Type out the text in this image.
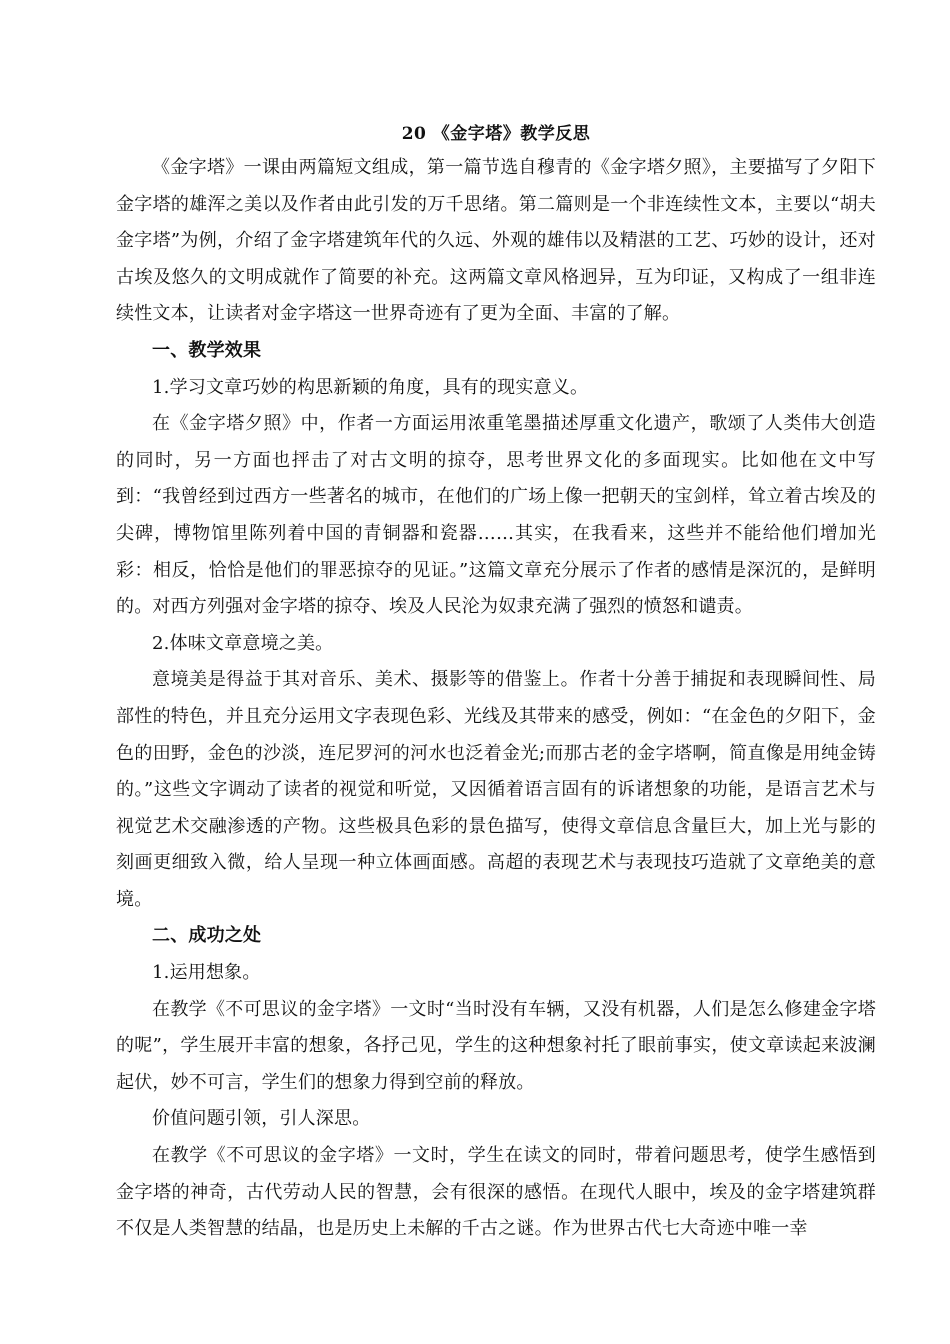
20 《金字塔》教学反思

《金字塔》一课由两篇短文组成，第一篇节选自穆青的《金字塔夕照》，主要描写了夕阳下金字塔的雄浑之美以及作者由此引发的万千思绪。第二篇则是一个非连续性文本，主要以“胡夫金字塔”为例，介绍了金字塔建筑年代的久远、外观的雄伟以及精湛的工艺、巧妙的设计，还对古埃及悠久的文明成就作了简要的补充。这两篇文章风格迥异，互为印证，又构成了一组非连续性文本，让读者对金字塔这一世界奇迹有了更为全面、丰富的了解。

一、教学效果

1.学习文章巧妙的构思新颖的角度，具有的现实意义。

在《金字塔夕照》中，作者一方面运用浓重笔墨描述厚重文化遗产，歌颂了人类伟大创造的同时，另一方面也抨击了对古文明的掠夺，思考世界文化的多面现实。比如他在文中写到：“我曾经到过西方一些著名的城市，在他们的广场上像一把朝天的宝剑样，耸立着古埃及的尖碑，博物馆里陈列着中国的青铜器和瓷器……其实，在我看来，这些并不能给他们增加光彩：相反，恰恰是他们的罪恶掠夺的见证。”这篇文章充分展示了作者的感情是深沉的，是鲜明的。对西方列强对金字塔的掠夺、埃及人民沦为奴隶充满了强烈的愤怒和谴责。

2.体味文章意境之美。

意境美是得益于其对音乐、美术、摄影等的借鉴上。作者十分善于捕捉和表现瞬间性、局部性的特色，并且充分运用文字表现色彩、光线及其带来的感受，例如：“在金色的夕阳下，金色的田野，金色的沙淡，连尼罗河的河水也泛着金光;而那古老的金字塔啊，简直像是用纯金铸的。”这些文字调动了读者的视觉和听觉，又因循着语言固有的诉诸想象的功能，是语言艺术与视觉艺术交融渗透的产物。这些极具色彩的景色描写，使得文章信息含量巨大，加上光与影的刻画更细致入微，给人呈现一种立体画面感。高超的表现艺术与表现技巧造就了文章绝美的意境。

二、成功之处

1.运用想象。

在教学《不可思议的金字塔》一文时“当时没有车辆，又没有机器，人们是怎么修建金字塔的呢”，学生展开丰富的想象，各抒己见，学生的这种想象衬托了眼前事实，使文章读起来波澜起伏，妙不可言，学生们的想象力得到空前的释放。

价值问题引领，引人深思。

在教学《不可思议的金字塔》一文时，学生在读文的同时，带着问题思考，使学生感悟到金字塔的神奇，古代劳动人民的智慧，会有很深的感悟。在现代人眼中，埃及的金字塔建筑群不仅是人类智慧的结晶，也是历史上未解的千古之谜。作为世界古代七大奇迹中唯一幸
